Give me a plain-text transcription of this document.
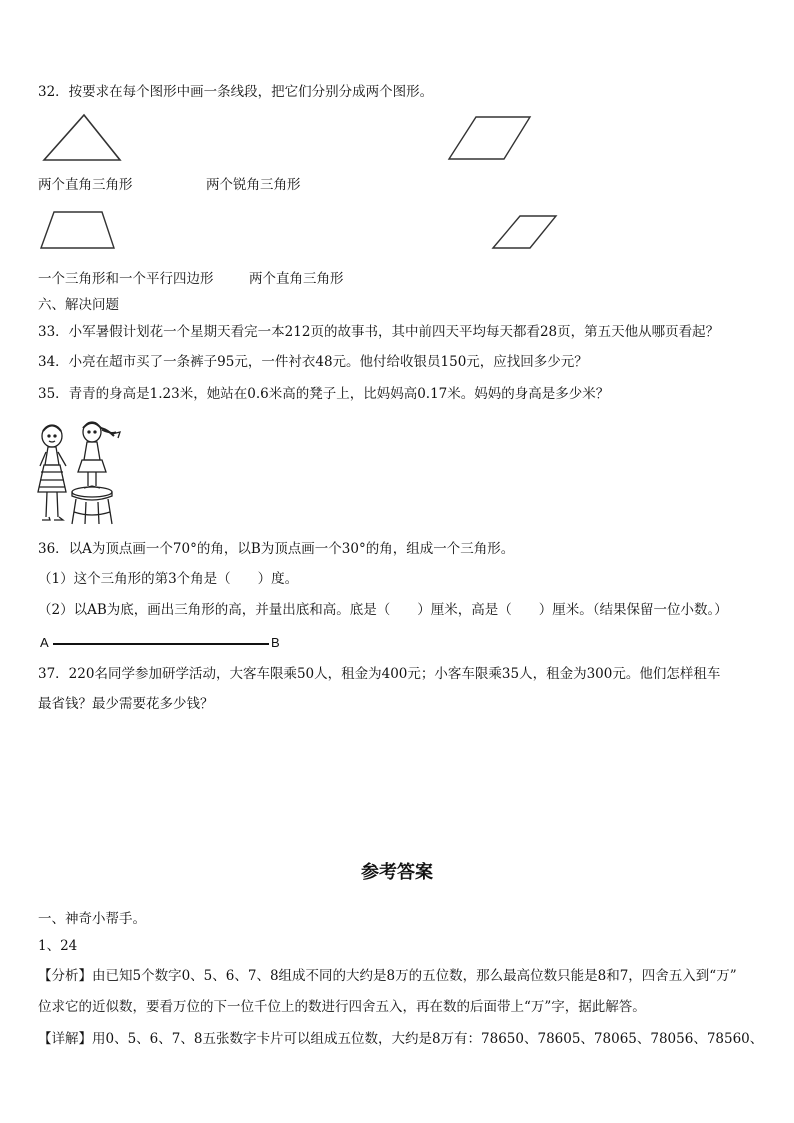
32．按要求在每个图形中画一条线段，把它们分别分成两个图形。
两个直角三角形	两个锐角三角形
一个三角形和一个平行四边形	两个直角三角形
六、解决问题
33．小军暑假计划花一个星期天看完一本212页的故事书，其中前四天平均每天都看28页，第五天他从哪页看起？
34．小亮在超市买了一条裤子95元，一件衬衣48元。他付给收银员150元，应找回多少元？
35．青青的身高是1.23米，她站在0.6米高的凳子上，比妈妈高0.17米。妈妈的身高是多少米？
36．以A为顶点画一个70°的角，以B为顶点画一个30°的角，组成一个三角形。
（1）这个三角形的第3个角是（　　）度。
（2）以AB为底，画出三角形的高，并量出底和高。底是（　　）厘米，高是（　　）厘米。（结果保留一位小数。）
A	B
37．220名同学参加研学活动，大客车限乘50人，租金为400元；小客车限乘35人，租金为300元。他们怎样租车
最省钱？最少需要花多少钱？
参考答案
一、神奇小帮手。
1、24
【分析】由已知5个数字0、5、6、7、8组成不同的大约是8万的五位数，那么最高位数只能是8和7，四舍五入到“万”
位求它的近似数，要看万位的下一位千位上的数进行四舍五入，再在数的后面带上“万”字，据此解答。
【详解】用0、5、6、7、8五张数字卡片可以组成五位数，大约是8万有：78650、78605、78065、78056、78560、
